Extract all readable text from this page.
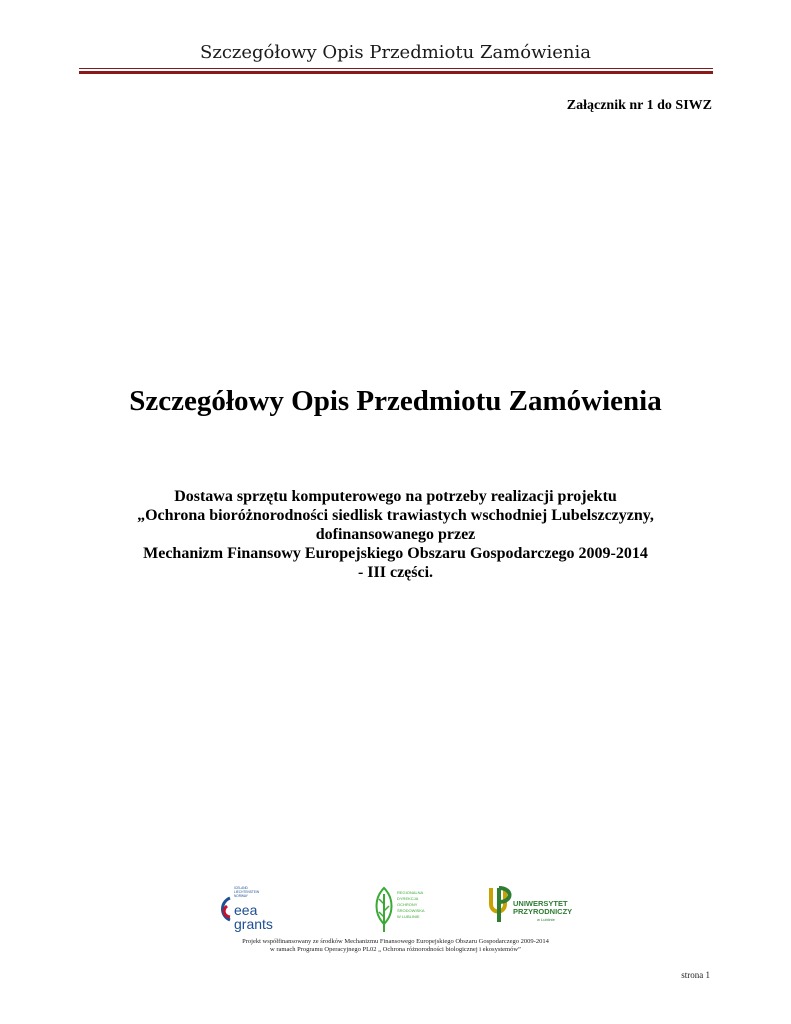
Szczegółowy Opis Przedmiotu Zamówienia
Załącznik nr 1 do SIWZ
Szczegółowy Opis Przedmiotu Zamówienia
Dostawa sprzętu komputerowego na potrzeby realizacji projektu
„Ochrona bioróżnorodności siedlisk trawiastych wschodniej Lubelszczyzny,
dofinansowanego przez
Mechanizm Finansowy Europejskiego Obszaru Gospodarczego 2009-2014
- III części.
ICELAND
LIECHTENSTEIN
NORWAY
eea
grants
REGIONALNA
DYREKCJA
OCHRONY
ŚRODOWISKA
W LUBLINIE
UNIWERSYTET
PRZYRODNICZY
w Lublinie
Projekt współfinansowany ze środków Mechanizmu Finansowego Europejskiego Obszaru Gospodarczego 2009-2014
w ramach Programu Operacyjnego PL02 „ Ochrona różnorodności biologicznej i ekosystemów”
strona 1
